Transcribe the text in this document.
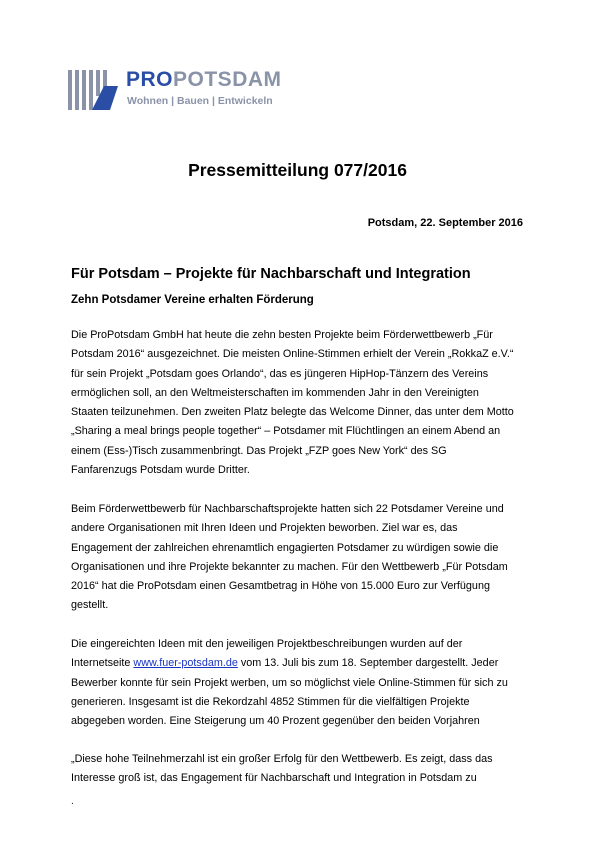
PROPOTSDAM
Wohnen | Bauen | Entwickeln
Pressemitteilung 077/2016
Potsdam, 22. September 2016
Für Potsdam – Projekte für Nachbarschaft und Integration
Zehn Potsdamer Vereine erhalten Förderung

Die ProPotsdam GmbH hat heute die zehn besten Projekte beim Förderwettbewerb „Für
Potsdam 2016“ ausgezeichnet. Die meisten Online-Stimmen erhielt der Verein „RokkaZ e.V.“
für sein Projekt „Potsdam goes Orlando“, das es jüngeren HipHop-Tänzern des Vereins
ermöglichen soll, an den Weltmeisterschaften im kommenden Jahr in den Vereinigten
Staaten teilzunehmen. Den zweiten Platz belegte das Welcome Dinner, das unter dem Motto
„Sharing a meal brings people together“ – Potsdamer mit Flüchtlingen an einem Abend an
einem (Ess-)Tisch zusammenbringt. Das Projekt „FZP goes New York“ des SG
Fanfarenzugs Potsdam wurde Dritter.

Beim Förderwettbewerb für Nachbarschaftsprojekte hatten sich 22 Potsdamer Vereine und
andere Organisationen mit Ihren Ideen und Projekten beworben. Ziel war es, das
Engagement der zahlreichen ehrenamtlich engagierten Potsdamer zu würdigen sowie die
Organisationen und ihre Projekte bekannter zu machen. Für den Wettbewerb „Für Potsdam
2016“ hat die ProPotsdam einen Gesamtbetrag in Höhe von 15.000 Euro zur Verfügung
gestellt.

Die eingereichten Ideen mit den jeweiligen Projektbeschreibungen wurden auf der
Internetseite www.fuer-potsdam.de vom 13. Juli bis zum 18. September dargestellt. Jeder
Bewerber konnte für sein Projekt werben, um so möglichst viele Online-Stimmen für sich zu
generieren. Insgesamt ist die Rekordzahl 4852 Stimmen für die vielfältigen Projekte
abgegeben worden. Eine Steigerung um 40 Prozent gegenüber den beiden Vorjahren

„Diese hohe Teilnehmerzahl ist ein großer Erfolg für den Wettbewerb. Es zeigt, dass das
Interesse groß ist, das Engagement für Nachbarschaft und Integration in Potsdam zu

.
